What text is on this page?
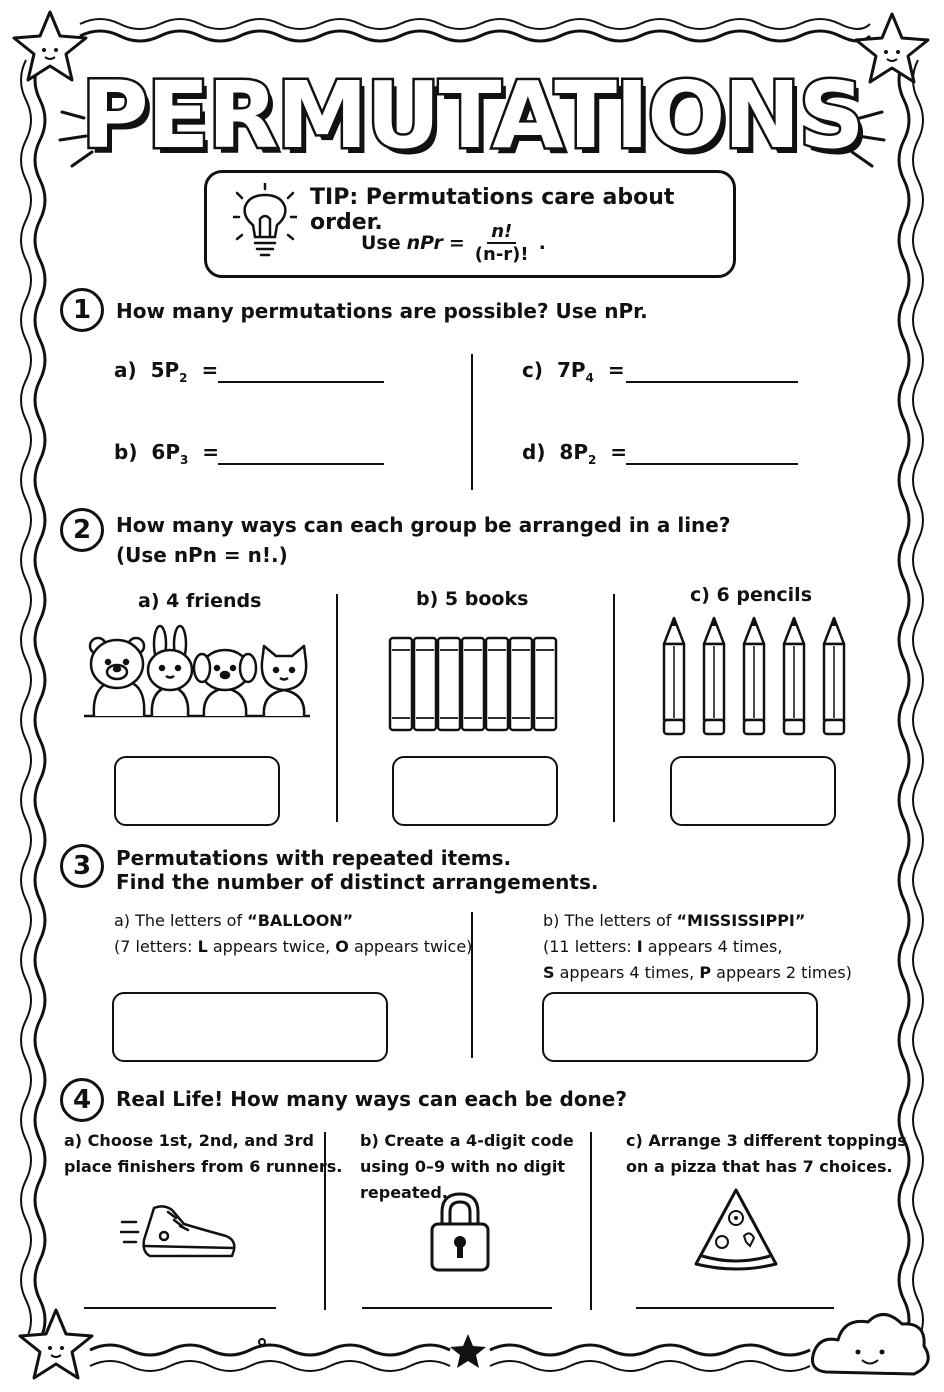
PERMUTATIONS
TIP: Permutations care about order.
Use nPr = $\frac{n!}{(n-r)!}$ .
1	How many permutations are possible? Use nPr.
a) $5P_2$ =
b) $6P_3$ =
c) $7P_4$ =
d) $8P_2$ =
2	How many ways can each group be arranged in a line?
(Use nPn = n!.)
a) 4 friends	b) 5 books	c) 6 pencils
3	Permutations with repeated items.
Find the number of distinct arrangements.
a) The letters of “BALLOON”
(7 letters: L appears twice, O appears twice)
b) The letters of “MISSISSIPPI”
(11 letters: I appears 4 times,
S appears 4 times, P appears 2 times)
4	Real Life! How many ways can each be done?
a) Choose 1st, 2nd, and 3rd
place finishers from 6 runners.
b) Create a 4-digit code
using 0–9 with no digit
repeated.
c) Arrange 3 different toppings
on a pizza that has 7 choices.
